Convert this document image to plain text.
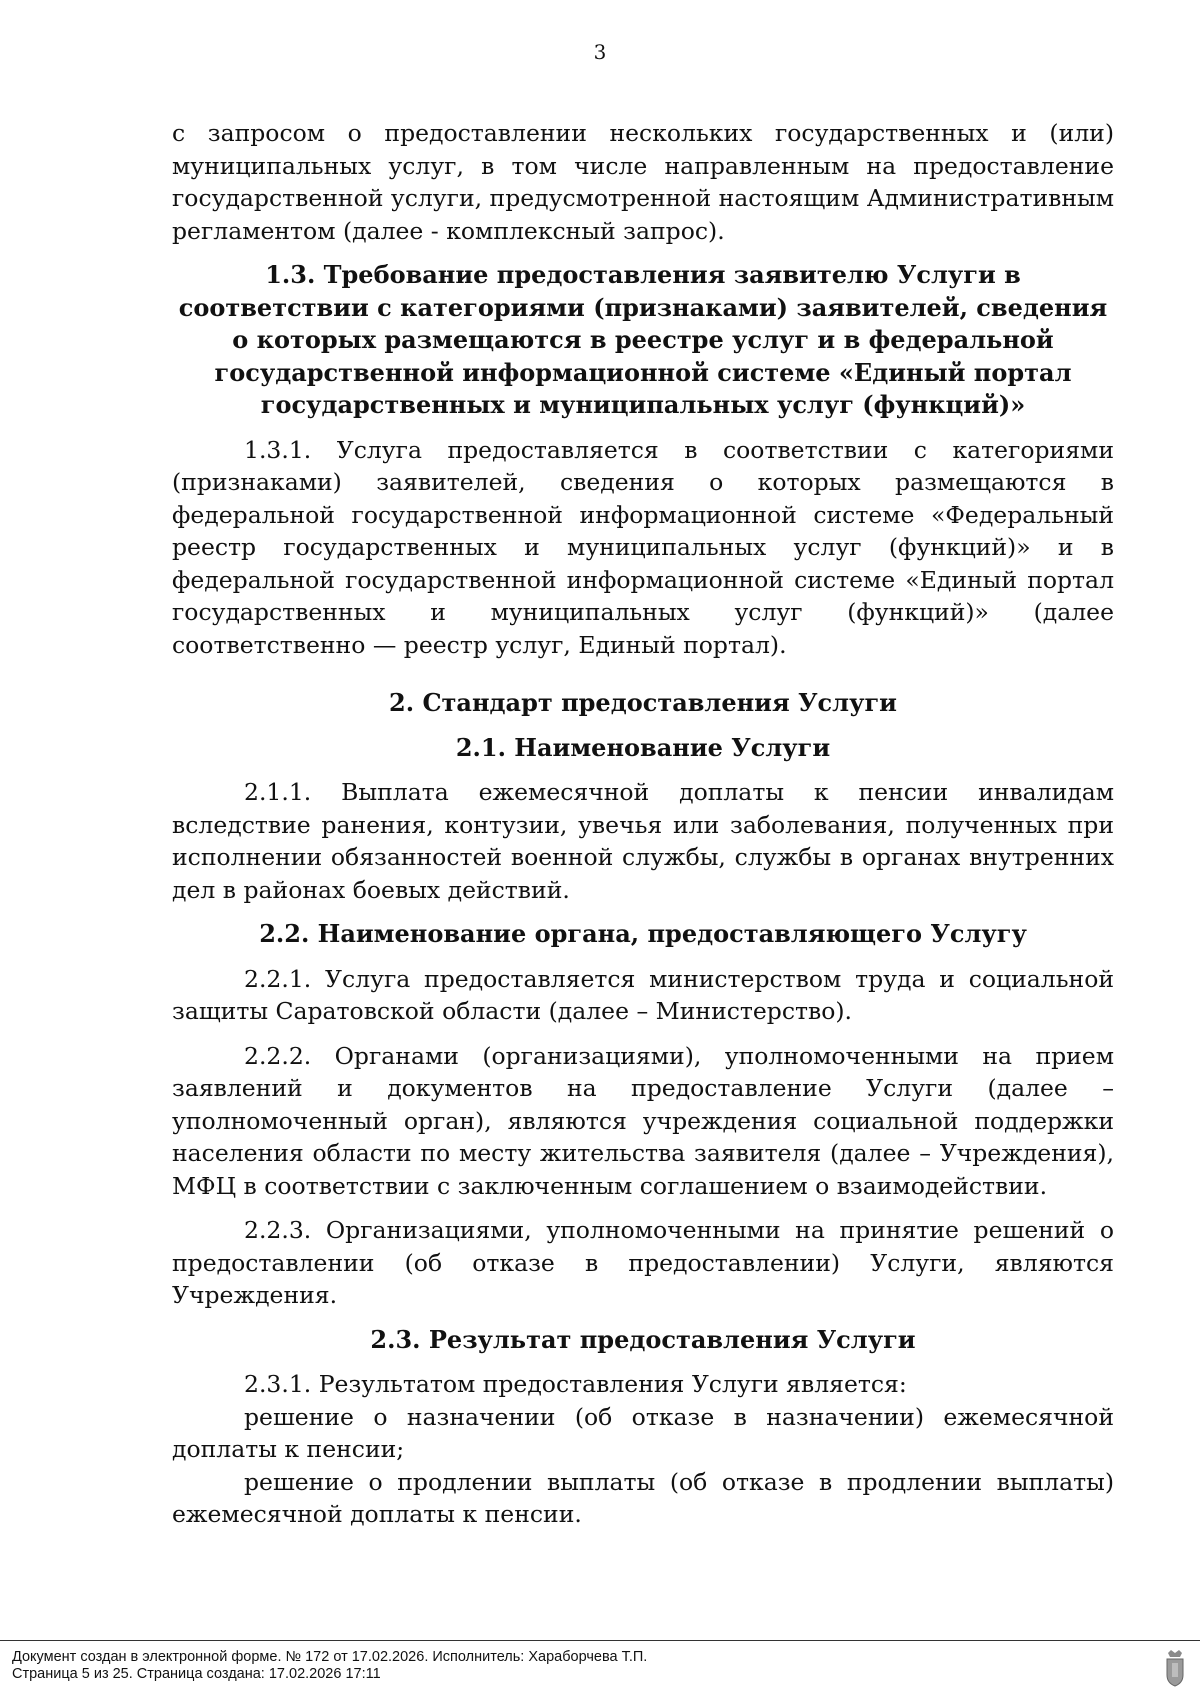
3

с запросом о предоставлении нескольких государственных и (или) муниципальных услуг, в том числе направленным на предоставление государственной услуги, предусмотренной настоящим Административным регламентом (далее - комплексный запрос).

1.3. Требование предоставления заявителю Услуги в соответствии с категориями (признаками) заявителей, сведения о которых размещаются в реестре услуг и в федеральной государственной информационной системе «Единый портал государственных и муниципальных услуг (функций)»

1.3.1. Услуга предоставляется в соответствии с категориями (признаками) заявителей, сведения о которых размещаются в федеральной государственной информационной системе «Федеральный реестр государственных и муниципальных услуг (функций)» и в федеральной государственной информационной системе «Единый портал государственных и муниципальных услуг (функций)» (далее соответственно — реестр услуг, Единый портал).

2. Стандарт предоставления Услуги
2.1. Наименование Услуги

2.1.1. Выплата ежемесячной доплаты к пенсии инвалидам вследствие ранения, контузии, увечья или заболевания, полученных при исполнении обязанностей военной службы, службы в органах внутренних дел в районах боевых действий.

2.2. Наименование органа, предоставляющего Услугу

2.2.1. Услуга предоставляется министерством труда и социальной защиты Саратовской области (далее – Министерство).

2.2.2. Органами (организациями), уполномоченными на прием заявлений и документов на предоставление Услуги (далее – уполномоченный орган), являются учреждения социальной поддержки населения области по месту жительства заявителя (далее – Учреждения), МФЦ в соответствии с заключенным соглашением о взаимодействии.

2.2.3. Организациями, уполномоченными на принятие решений о предоставлении (об отказе в предоставлении) Услуги, являются Учреждения.

2.3. Результат предоставления Услуги

2.3.1. Результатом предоставления Услуги является:

решение о назначении (об отказе в назначении) ежемесячной доплаты к пенсии;

решение о продлении выплаты (об отказе в продлении выплаты) ежемесячной доплаты к пенсии.

Документ создан в электронной форме. № 172 от 17.02.2026. Исполнитель: Хараборчева Т.П.
Страница 5 из 25. Страница создана: 17.02.2026 17:11
